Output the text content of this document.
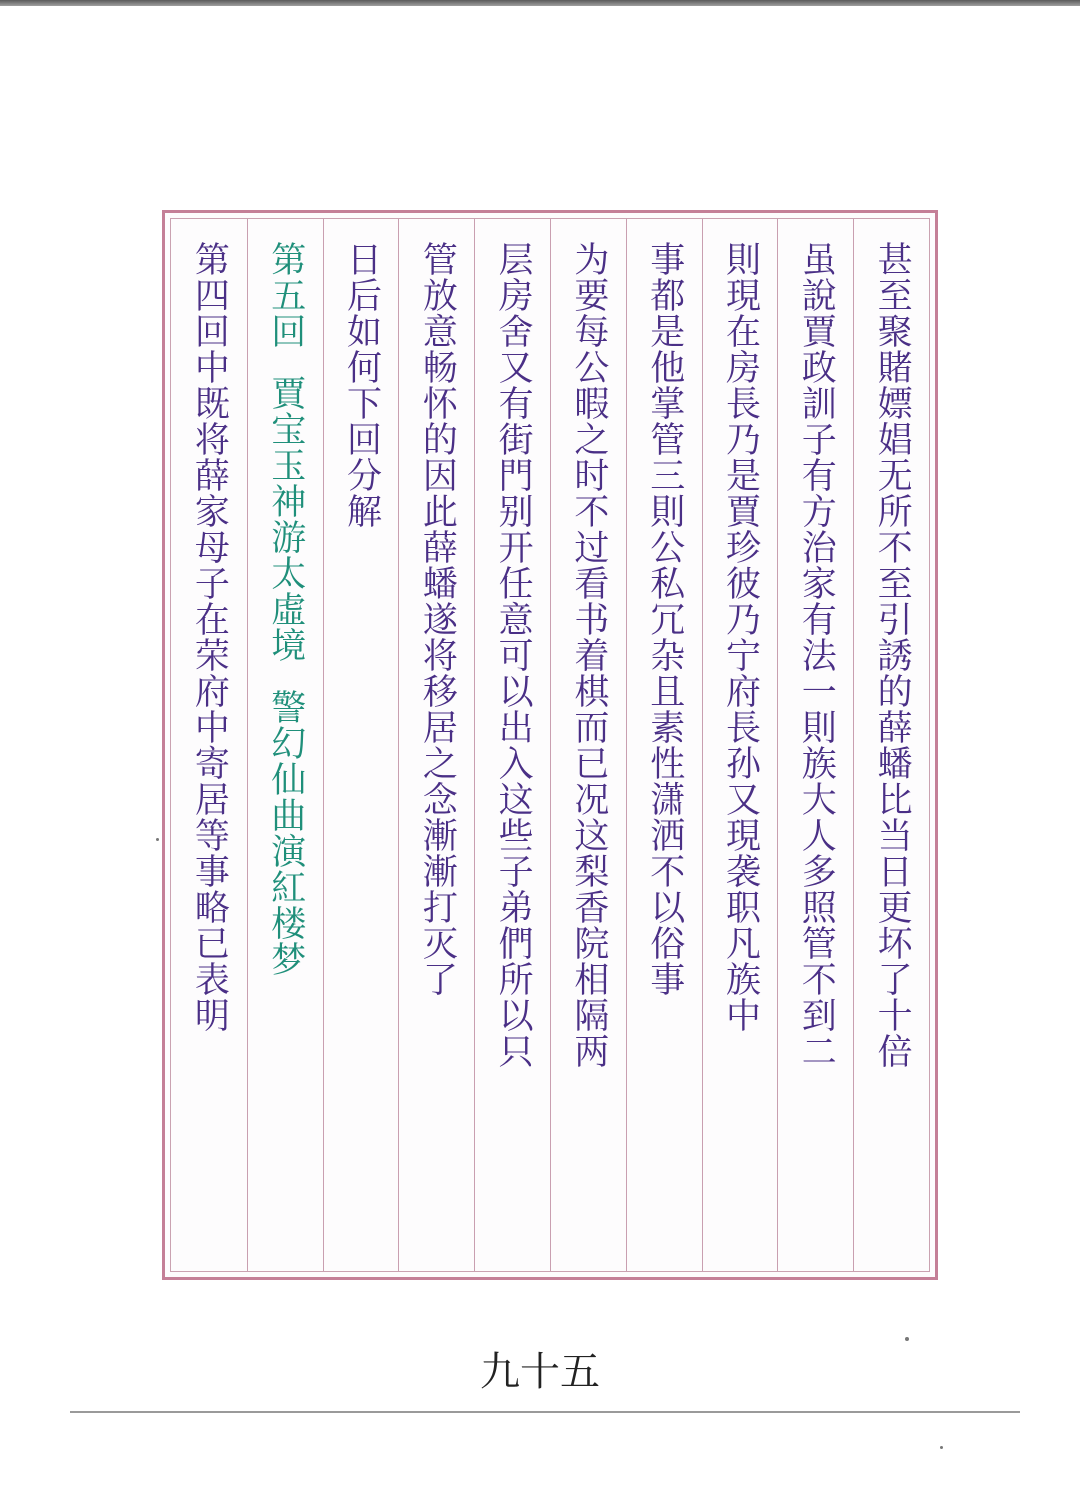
甚至聚賭嫖娼无所不至引誘的薛蟠比当日更坏了十倍
虽說賈政訓子有方治家有法一則族大人多照管不到二
則現在房長乃是賈珍彼乃宁府長孙又現袭职凡族中
事都是他掌管三則公私冗杂且素性潇洒不以俗事
为要每公暇之时不过看书着棋而已况这梨香院相隔两
层房舍又有街門别开任意可以出入这些子弟們所以只
管放意畅怀的因此薛蟠遂将移居之念漸漸打灭了
日后如何下回分解
第五回賈宝玉神游太虛境警幻仙曲演紅楼梦
第四回中既将薛家母子在荣府中寄居等事略已表明
九十五
